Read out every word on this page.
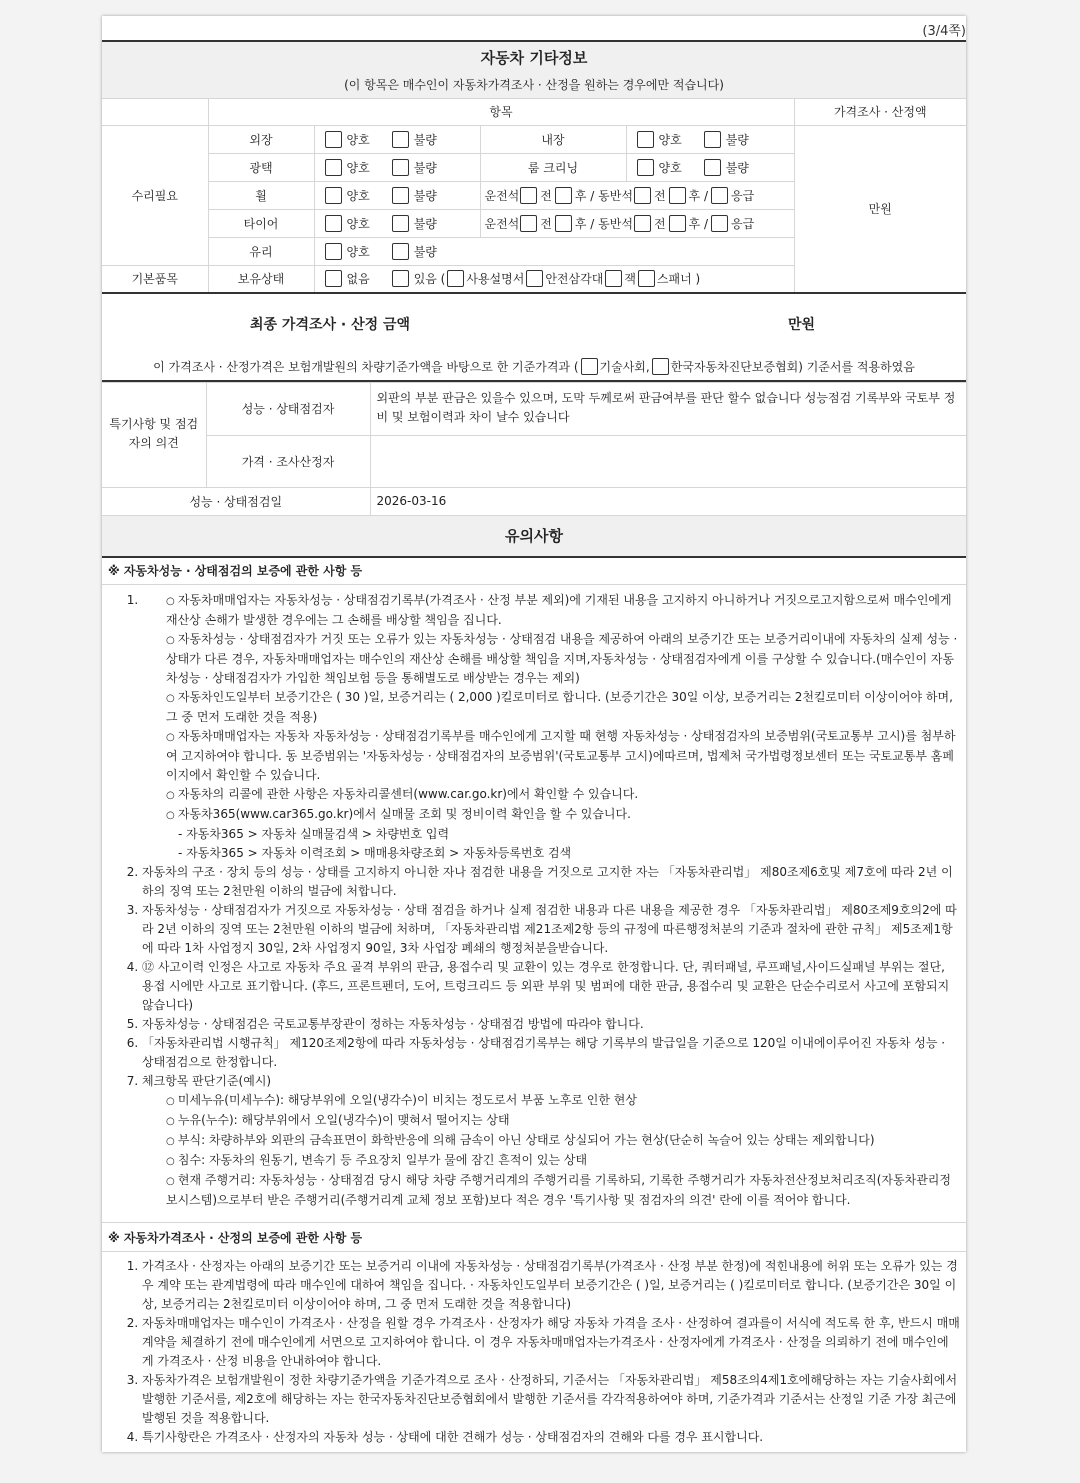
(3/4쪽)
자동차 기타정보
(이 항목은 매수인이 자동차가격조사 · 산정을 원하는 경우에만 적습니다)					

	항목				가격조사 · 산정액
수리필요	외장	양호 불량	내장	양호 불량	만원
	광택	양호 불량	룸 크리닝	양호 불량	
	휠	양호 불량	운전석 전 후 / 동반석 전 후 / 응급		
	타이어	양호 불량	운전석 전 후 / 동반석 전 후 / 응급		
	유리	양호 불량			
기본품목	보유상태	없음 있음 ( 사용설명서 안전삼각대 잭 스패너 )			

최종 가격조사 · 산정 금액 만원
이 가격조사 · 산정가격은 보험개발원의 차량기준가액을 바탕으로 한 기준가격과 ( 기술사회, 한국자동차진단보증협회) 기준서를 적용하였음					
특기사항 및 점검자의 의견	성능 · 상태점검자	외판의 부분 판금은 있을수 있으며, 도막 두께로써 판금여부를 판단 할수 없습니다 성능점검 기록부와 국토부 정비 및 보험이력과 차이 날수 있습니다
	가격 · 조사산정자	
성능 · 상태점검일		2026-03-16
유의사항		
※ 자동차성능 · 상태점검의 보증에 관한 사항 등
○ 1. 자동차매매업자는 자동차성능 · 상태점검기록부(가격조사 · 산정 부분 제외)에 기재된 내용을 고지하지 아니하거나 거짓으로고지함으로써 매수인에게 재산상 손해가 발생한 경우에는 그 손해를 배상할 책임을 집니다.
○ 자동차성능 · 상태점검자가 거짓 또는 오류가 있는 자동차성능 · 상태점검 내용을 제공하여 아래의 보증기간 또는 보증거리이내에 자동차의 실제 성능 · 상태가 다른 경우, 자동차매매업자는 매수인의 재산상 손해를 배상할 책임을 지며,자동차성능 · 상태점검자에게 이를 구상할 수 있습니다.(매수인이 자동차성능 · 상태점검자가 가입한 책임보험 등을 통해별도로 배상받는 경우는 제외)
○ 자동차인도일부터 보증기간은 ( 30 )일, 보증거리는 ( 2,000 )킬로미터로 합니다. (보증기간은 30일 이상, 보증거리는 2천킬로미터 이상이어야 하며, 그 중 먼저 도래한 것을 적용)
○ 자동차매매업자는 자동차 자동차성능 · 상태점검기록부를 매수인에게 고지할 때 현행 자동차성능 · 상태점검자의 보증범위(국토교통부 고시)를 첨부하여 고지하여야 합니다. 동 보증범위는 '자동차성능 · 상태점검자의 보증범위'(국토교통부 고시)에따르며, 법제처 국가법령정보센터 또는 국토교통부 홈페이지에서 확인할 수 있습니다.
○ 자동차의 리콜에 관한 사항은 자동차리콜센터(www.car.go.kr)에서 확인할 수 있습니다.
○ 자동차365(www.car365.go.kr)에서 실매물 조회 및 정비이력 확인을 할 수 있습니다.
- 자동차365 > 자동차 실매물검색 > 차량번호 입력
- 자동차365 > 자동차 이력조회 > 매매용차량조회 > 자동차등록번호 검색
2. 자동차의 구조 · 장치 등의 성능 · 상태를 고지하지 아니한 자나 점검한 내용을 거짓으로 고지한 자는 「자동차관리법」 제80조제6호및 제7호에 따라 2년 이하의 징역 또는 2천만원 이하의 벌금에 처합니다.
3. 자동차성능 · 상태점검자가 거짓으로 자동차성능 · 상태 점검을 하거나 실제 점검한 내용과 다른 내용을 제공한 경우 「자동차관리법」 제80조제9호의2에 따라 2년 이하의 징역 또는 2천만원 이하의 벌금에 처하며, 「자동차관리법 제21조제2항 등의 규정에 따른행정처분의 기준과 절차에 관한 규칙」 제5조제1항에 따라 1차 사업정지 30일, 2차 사업정지 90일, 3차 사업장 폐쇄의 행정처분을받습니다.
4. ⑫ 사고이력 인정은 사고로 자동차 주요 골격 부위의 판금, 용접수리 및 교환이 있는 경우로 한정합니다. 단, 쿼터패널, 루프패널,사이드실패널 부위는 절단, 용접 시에만 사고로 표기합니다. (후드, 프론트펜더, 도어, 트렁크리드 등 외판 부위 및 범퍼에 대한 판금, 용접수리 및 교환은 단순수리로서 사고에 포함되지않습니다)
5. 자동차성능 · 상태점검은 국토교통부장관이 정하는 자동차성능 · 상태점검 방법에 따라야 합니다.
6. 「자동차관리법 시행규칙」 제120조제2항에 따라 자동차성능 · 상태점검기록부는 해당 기록부의 발급일을 기준으로 120일 이내에이루어진 자동차 성능 · 상태점검으로 한정합니다.
7. 체크항목 판단기준(예시)
○ 미세누유(미세누수): 해당부위에 오일(냉각수)이 비치는 정도로서 부품 노후로 인한 현상
○ 누유(누수): 해당부위에서 오일(냉각수)이 맺혀서 떨어지는 상태
○ 부식: 차량하부와 외판의 금속표면이 화학반응에 의해 금속이 아닌 상태로 상실되어 가는 현상(단순히 녹슬어 있는 상태는 제외합니다)
○ 침수: 자동차의 원동기, 변속기 등 주요장치 일부가 물에 잠긴 흔적이 있는 상태
○ 현재 주행거리: 자동차성능 · 상태점검 당시 해당 차량 주행거리계의 주행거리를 기록하되, 기록한 주행거리가 자동차전산정보처리조직(자동차관리정보시스템)으로부터 받은 주행거리(주행거리계 교체 정보 포함)보다 적은 경우 '특기사항 및 점검자의 의견' 란에 이를 적어야 합니다.
※ 자동차가격조사 · 산정의 보증에 관한 사항 등
1. 가격조사 · 산정자는 아래의 보증기간 또는 보증거리 이내에 자동차성능 · 상태점검기록부(가격조사 · 산정 부분 한정)에 적힌내용에 허위 또는 오류가 있는 경우 계약 또는 관계법령에 따라 매수인에 대하여 책임을 집니다. · 자동차인도일부터 보증기간은 ( )일, 보증거리는 ( )킬로미터로 합니다. (보증기간은 30일 이상, 보증거리는 2천킬로미터 이상이어야 하며, 그 중 먼저 도래한 것을 적용합니다)
2. 자동차매매업자는 매수인이 가격조사 · 산정을 원할 경우 가격조사 · 산정자가 해당 자동차 가격을 조사 · 산정하여 결과를이 서식에 적도록 한 후, 반드시 매매계약을 체결하기 전에 매수인에게 서면으로 고지하여야 합니다. 이 경우 자동차매매업자는가격조사 · 산정자에게 가격조사 · 산정을 의뢰하기 전에 매수인에게 가격조사 · 산정 비용을 안내하여야 합니다.
3. 자동차가격은 보험개발원이 정한 차량기준가액을 기준가격으로 조사 · 산정하되, 기준서는 「자동차관리법」 제58조의4제1호에해당하는 자는 기술사회에서 발행한 기준서를, 제2호에 해당하는 자는 한국자동차진단보증협회에서 발행한 기준서를 각각적용하여야 하며, 기준가격과 기준서는 산정일 기준 가장 최근에 발행된 것을 적용합니다.
4. 특기사항란은 가격조사 · 산정자의 자동차 성능 · 상태에 대한 견해가 성능 · 상태점검자의 견해와 다를 경우 표시합니다.
